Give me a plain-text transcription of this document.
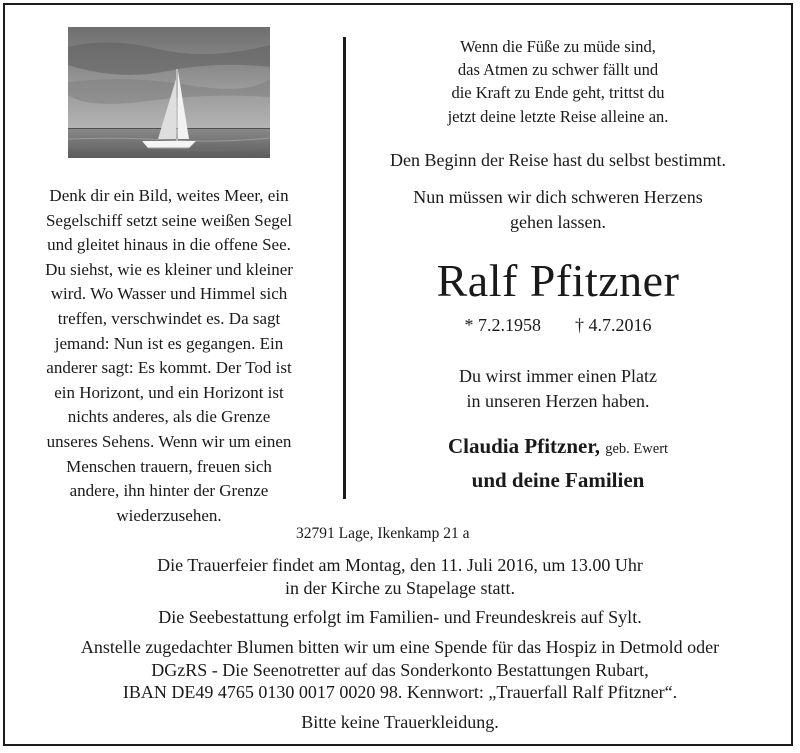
Denk dir ein Bild, weites Meer, ein
Segelschiff setzt seine weißen Segel
und gleitet hinaus in die offene See.
Du siehst, wie es kleiner und kleiner
wird. Wo Wasser und Himmel sich
treffen, verschwindet es. Da sagt
jemand: Nun ist es gegangen. Ein
anderer sagt: Es kommt. Der Tod ist
ein Horizont, und ein Horizont ist
nichts anderes, als die Grenze
unseres Sehens. Wenn wir um einen
Menschen trauern, freuen sich
andere, ihn hinter der Grenze
wiederzusehen.
Wenn die Füße zu müde sind,
das Atmen zu schwer fällt und
die Kraft zu Ende geht, trittst du
jetzt deine letzte Reise alleine an.
Den Beginn der Reise hast du selbst bestimmt.
Nun müssen wir dich schweren Herzens
gehen lassen.
Ralf Pfitzner
* 7.2.1958 † 4.7.2016
Du wirst immer einen Platz
in unseren Herzen haben.
Claudia Pfitzner, geb. Ewert
und deine Familien
32791 Lage, Ikenkamp 21 a
Die Trauerfeier findet am Montag, den 11. Juli 2016, um 13.00 Uhr
in der Kirche zu Stapelage statt.
Die Seebestattung erfolgt im Familien- und Freundeskreis auf Sylt.
Anstelle zugedachter Blumen bitten wir um eine Spende für das Hospiz in Detmold oder
DGzRS - Die Seenotretter auf das Sonderkonto Bestattungen Rubart,
IBAN DE49 4765 0130 0017 0020 98. Kennwort: „Trauerfall Ralf Pfitzner“.
Bitte keine Trauerkleidung.
